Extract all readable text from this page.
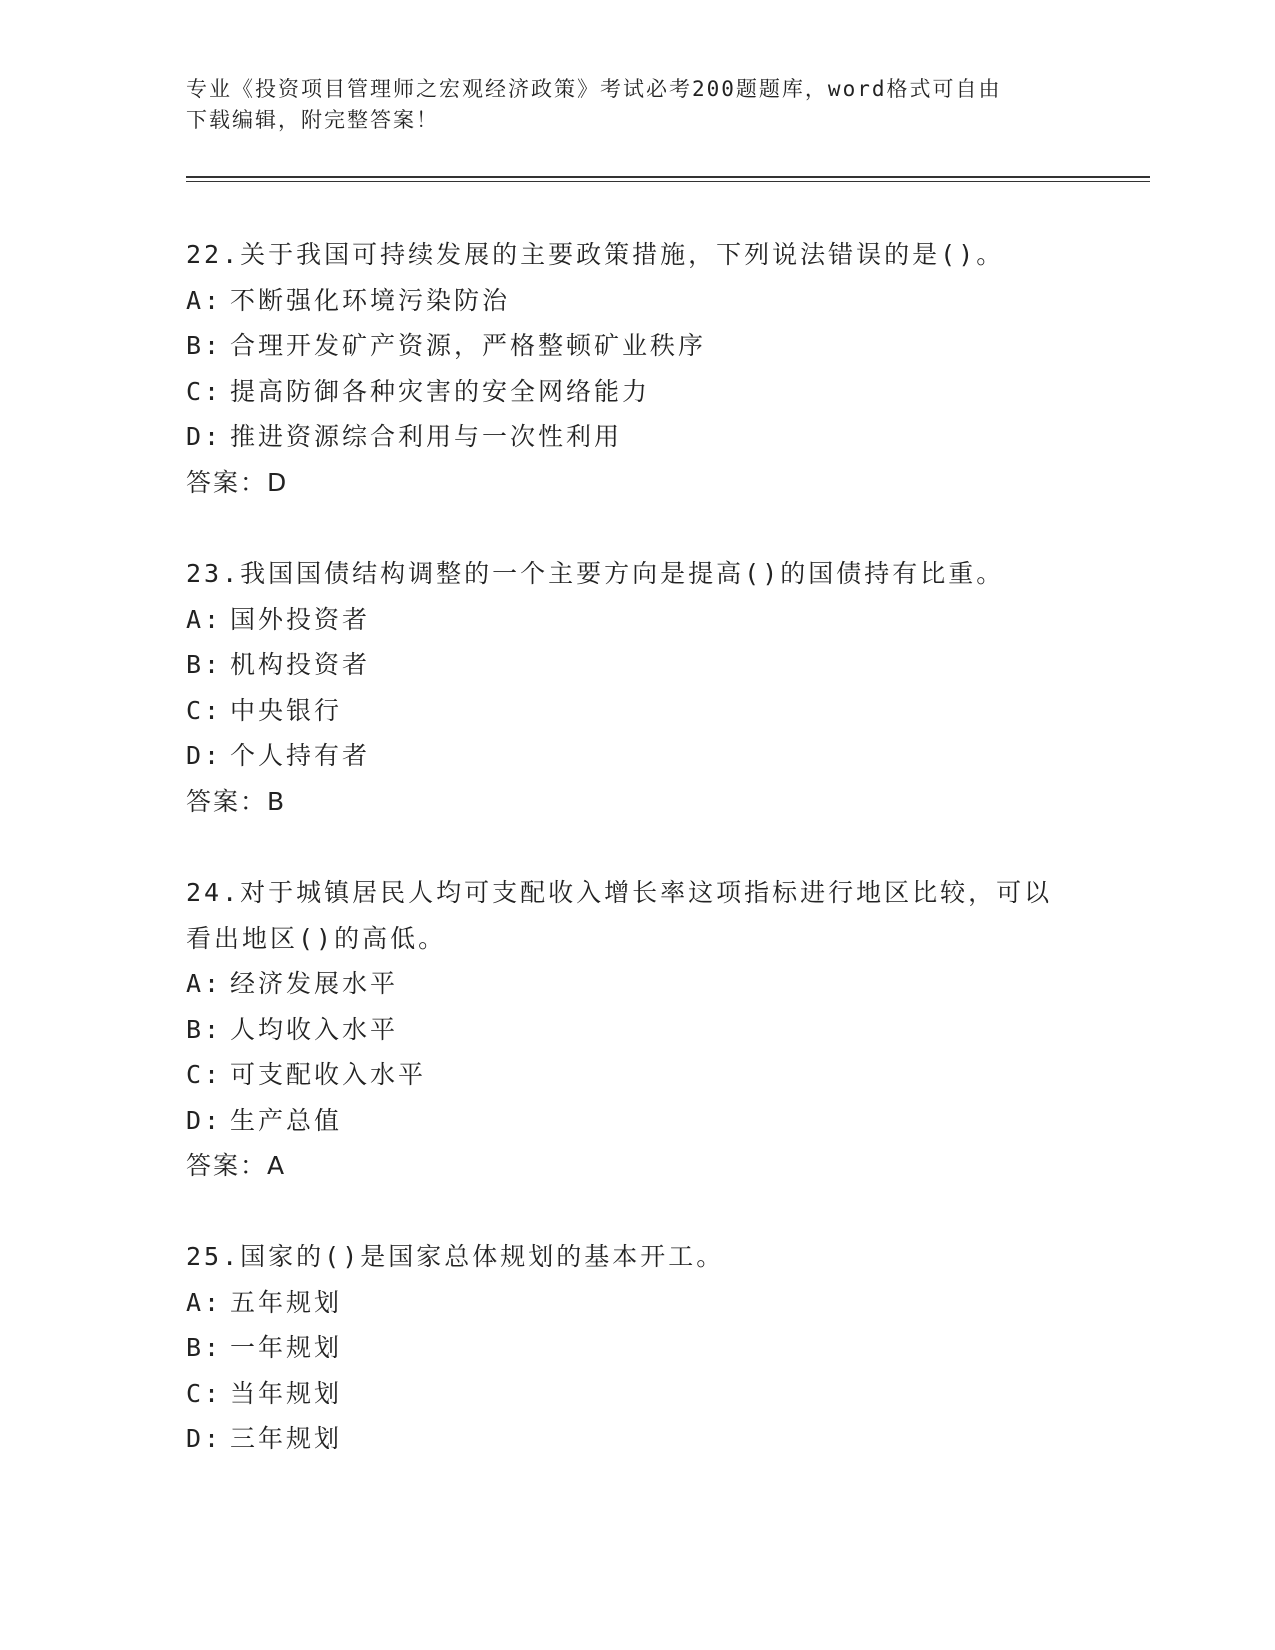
专业《投资项目管理师之宏观经济政策》考试必考200题题库，word格式可自由
下载编辑，附完整答案！
22.关于我国可持续发展的主要政策措施，下列说法错误的是()。
A: 不断强化环境污染防治
B: 合理开发矿产资源，严格整顿矿业秩序
C: 提高防御各种灾害的安全网络能力
D: 推进资源综合利用与一次性利用
答案：D
23.我国国债结构调整的一个主要方向是提高()的国债持有比重。
A: 国外投资者
B: 机构投资者
C: 中央银行
D: 个人持有者
答案：B
24.对于城镇居民人均可支配收入增长率这项指标进行地区比较，可以看出地区()的高低。
A: 经济发展水平
B: 人均收入水平
C: 可支配收入水平
D: 生产总值
答案：A
25.国家的()是国家总体规划的基本开工。
A: 五年规划
B: 一年规划
C: 当年规划
D: 三年规划
